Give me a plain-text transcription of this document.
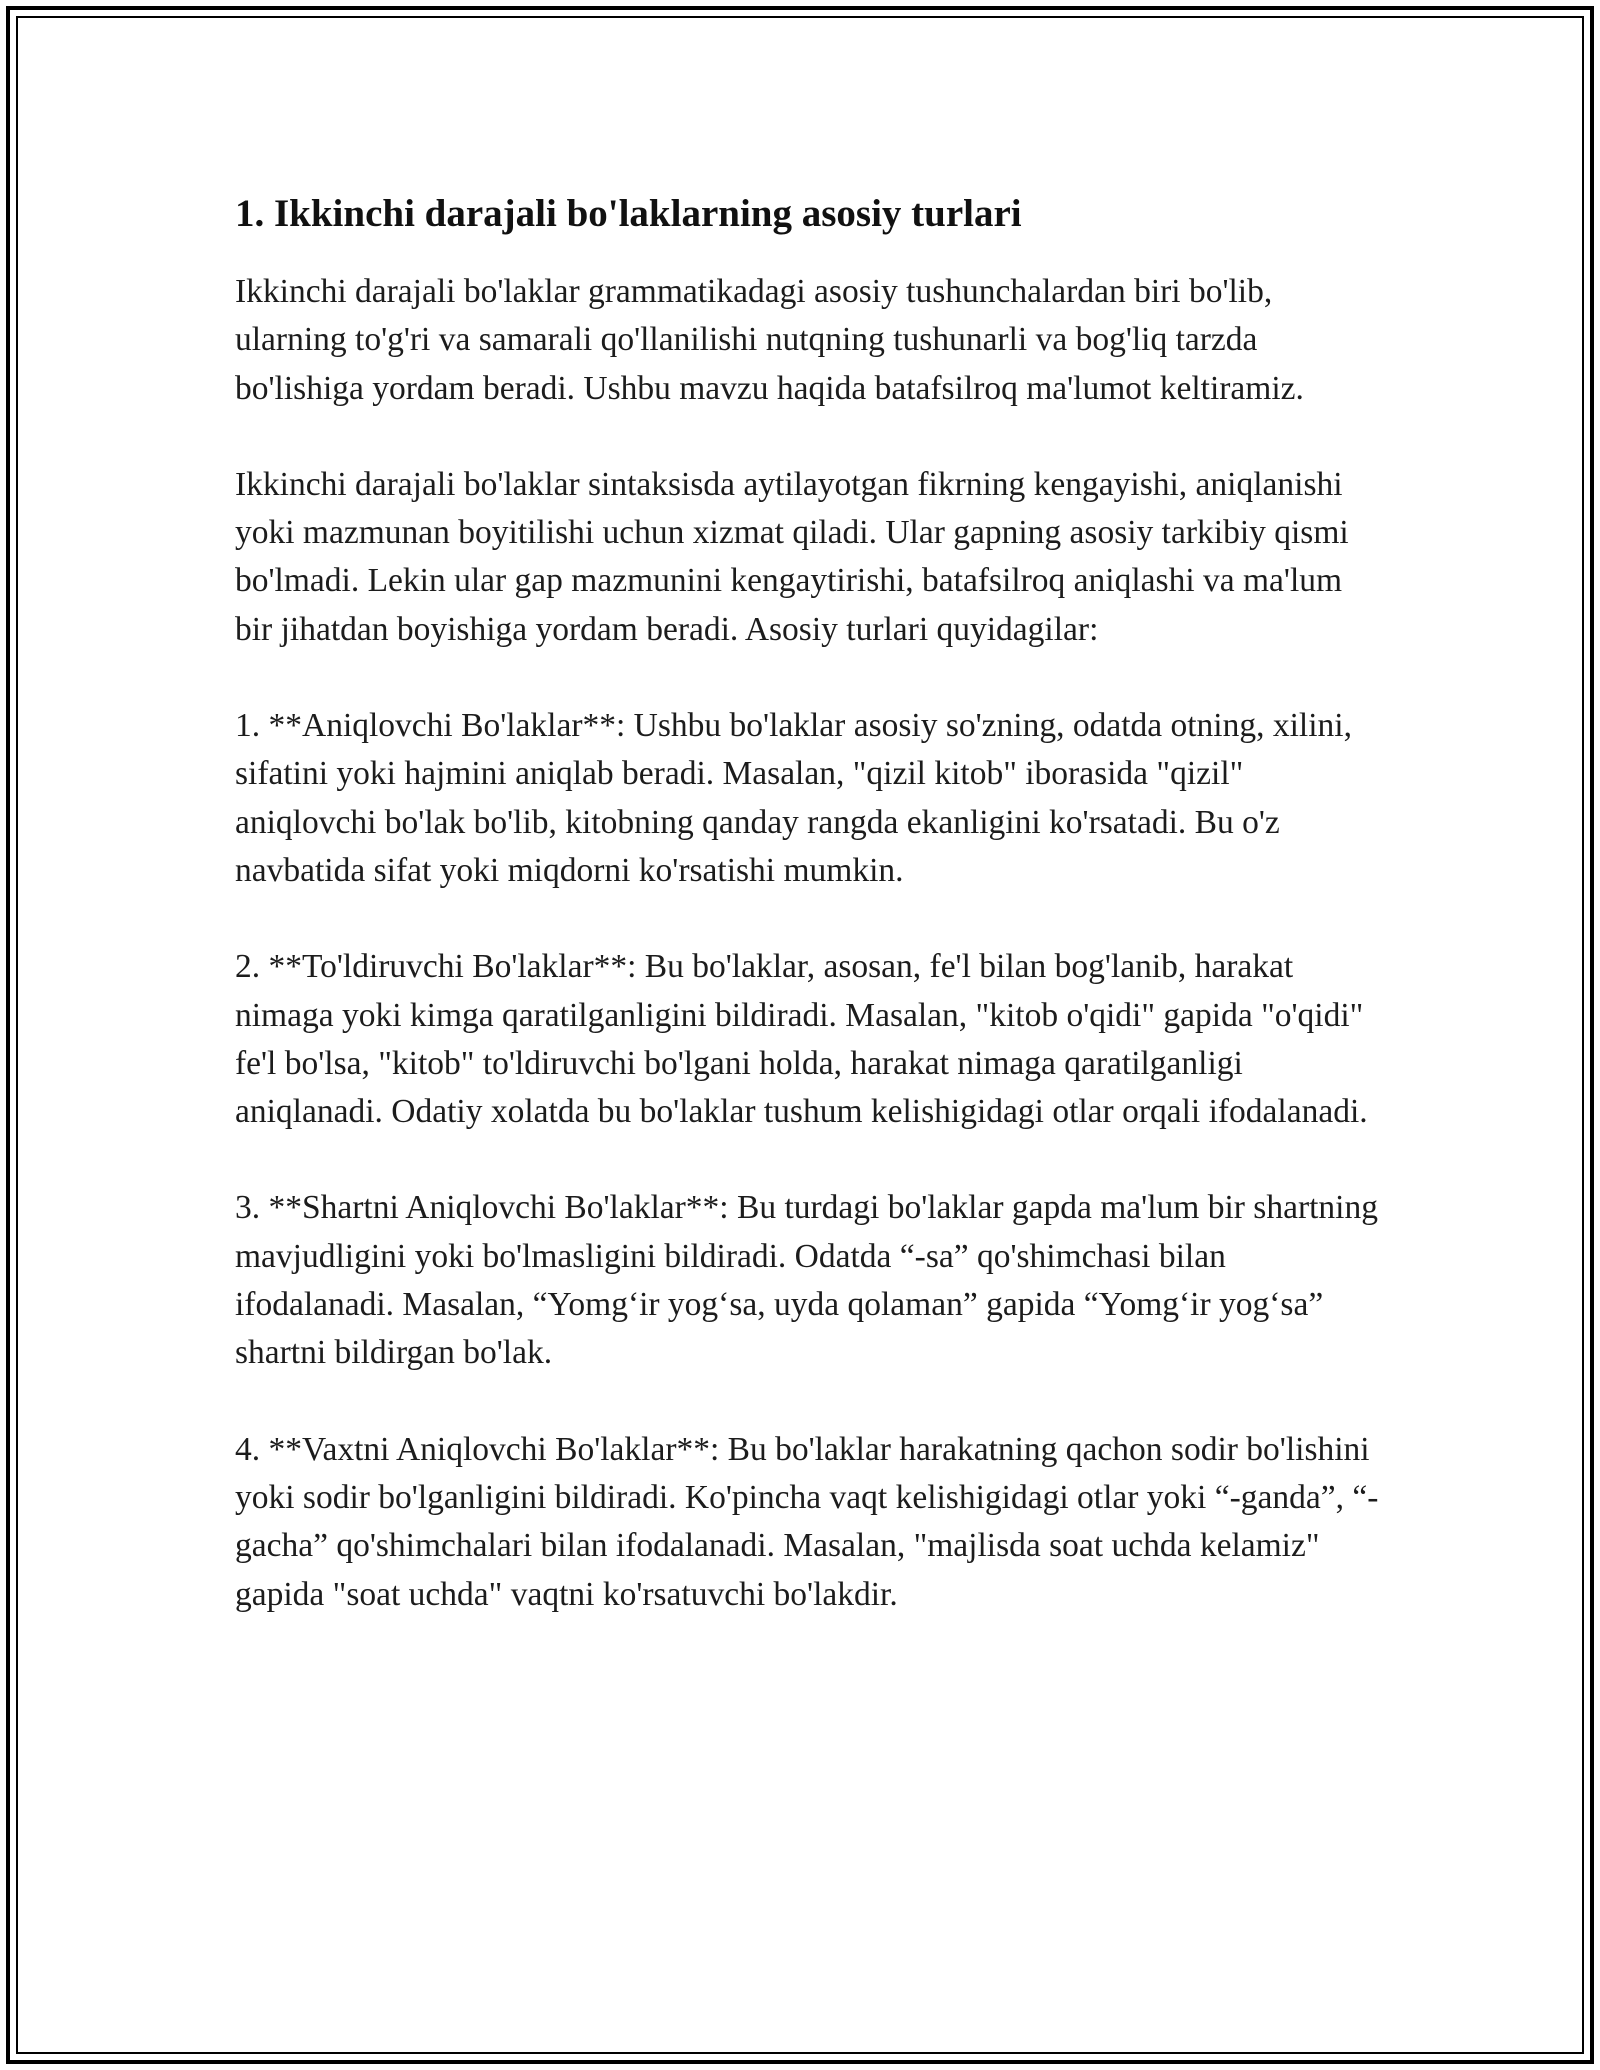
1. Ikkinchi darajali bo'laklarning asosiy turlari

Ikkinchi darajali bo'laklar grammatikadagi asosiy tushunchalardan biri bo'lib, ularning to'g'ri va samarali qo'llanilishi nutqning tushunarli va bog'liq tarzda bo'lishiga yordam beradi. Ushbu mavzu haqida batafsilroq ma'lumot keltiramiz.

Ikkinchi darajali bo'laklar sintaksisda aytilayotgan fikrning kengayishi, aniqlanishi yoki mazmunan boyitilishi uchun xizmat qiladi. Ular gapning asosiy tarkibiy qismi bo'lmadi. Lekin ular gap mazmunini kengaytirishi, batafsilroq aniqlashi va ma'lum bir jihatdan boyishiga yordam beradi. Asosiy turlari quyidagilar:

1. **Aniqlovchi Bo'laklar**: Ushbu bo'laklar asosiy so'zning, odatda otning, xilini, sifatini yoki hajmini aniqlab beradi. Masalan, "qizil kitob" iborasida "qizil" aniqlovchi bo'lak bo'lib, kitobning qanday rangda ekanligini ko'rsatadi. Bu o'z navbatida sifat yoki miqdorni ko'rsatishi mumkin.

2. **To'ldiruvchi Bo'laklar**: Bu bo'laklar, asosan, fe'l bilan bog'lanib, harakat nimaga yoki kimga qaratilganligini bildiradi. Masalan, "kitob o'qidi" gapida "o'qidi" fe'l bo'lsa, "kitob" to'ldiruvchi bo'lgani holda, harakat nimaga qaratilganligi aniqlanadi. Odatiy xolatda bu bo'laklar tushum kelishigidagi otlar orqali ifodalanadi.

3. **Shartni Aniqlovchi Bo'laklar**: Bu turdagi bo'laklar gapda ma'lum bir shartning mavjudligini yoki bo'lmasligini bildiradi. Odatda “-sa” qo'shimchasi bilan ifodalanadi. Masalan, “Yomg‘ir yog‘sa, uyda qolaman” gapida “Yomg‘ir yog‘sa” shartni bildirgan bo'lak.

4. **Vaxtni Aniqlovchi Bo'laklar**: Bu bo'laklar harakatning qachon sodir bo'lishini yoki sodir bo'lganligini bildiradi. Ko'pincha vaqt kelishigidagi otlar yoki “-ganda”, “-gacha” qo'shimchalari bilan ifodalanadi. Masalan, "majlisda soat uchda kelamiz" gapida "soat uchda" vaqtni ko'rsatuvchi bo'lakdir.
